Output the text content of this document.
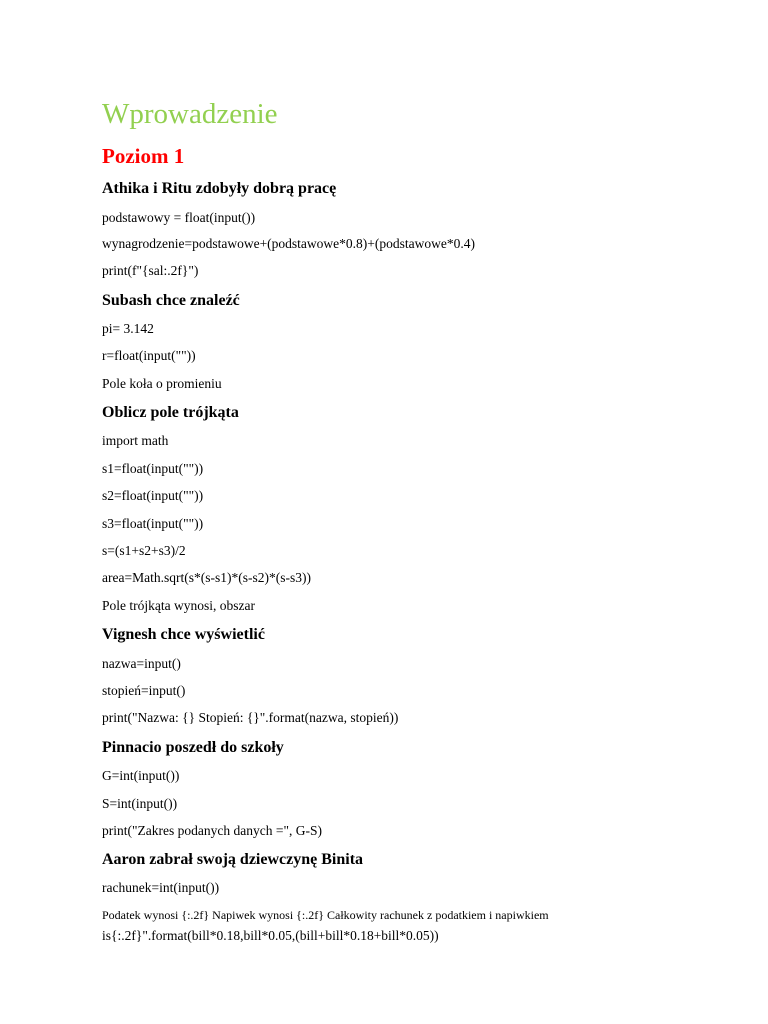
Wprowadzenie
Poziom 1
Athika i Ritu zdobyły dobrą pracę

podstawowy = float(input())

wynagrodzenie=podstawowe+(podstawowe*0.8)+(podstawowe*0.4)

print(f"{sal:.2f}")

Subash chce znaleźć

pi= 3.142

r=float(input(""))

Pole koła o promieniu

Oblicz pole trójkąta

import math

s1=float(input(""))

s2=float(input(""))

s3=float(input(""))

s=(s1+s2+s3)/2

area=Math.sqrt(s*(s-s1)*(s-s2)*(s-s3))

Pole trójkąta wynosi, obszar

Vignesh chce wyświetlić

nazwa=input()

stopień=input()

print("Nazwa: {} Stopień: {}".format(nazwa, stopień))

Pinnacio poszedł do szkoły

G=int(input())

S=int(input())

print("Zakres podanych danych =", G-S)

Aaron zabrał swoją dziewczynę Binita

rachunek=int(input())

Podatek wynosi {:.2f} Napiwek wynosi {:.2f} Całkowity rachunek z podatkiem i napiwkiem

is{:.2f}".format(bill*0.18,bill*0.05,(bill+bill*0.18+bill*0.05))
